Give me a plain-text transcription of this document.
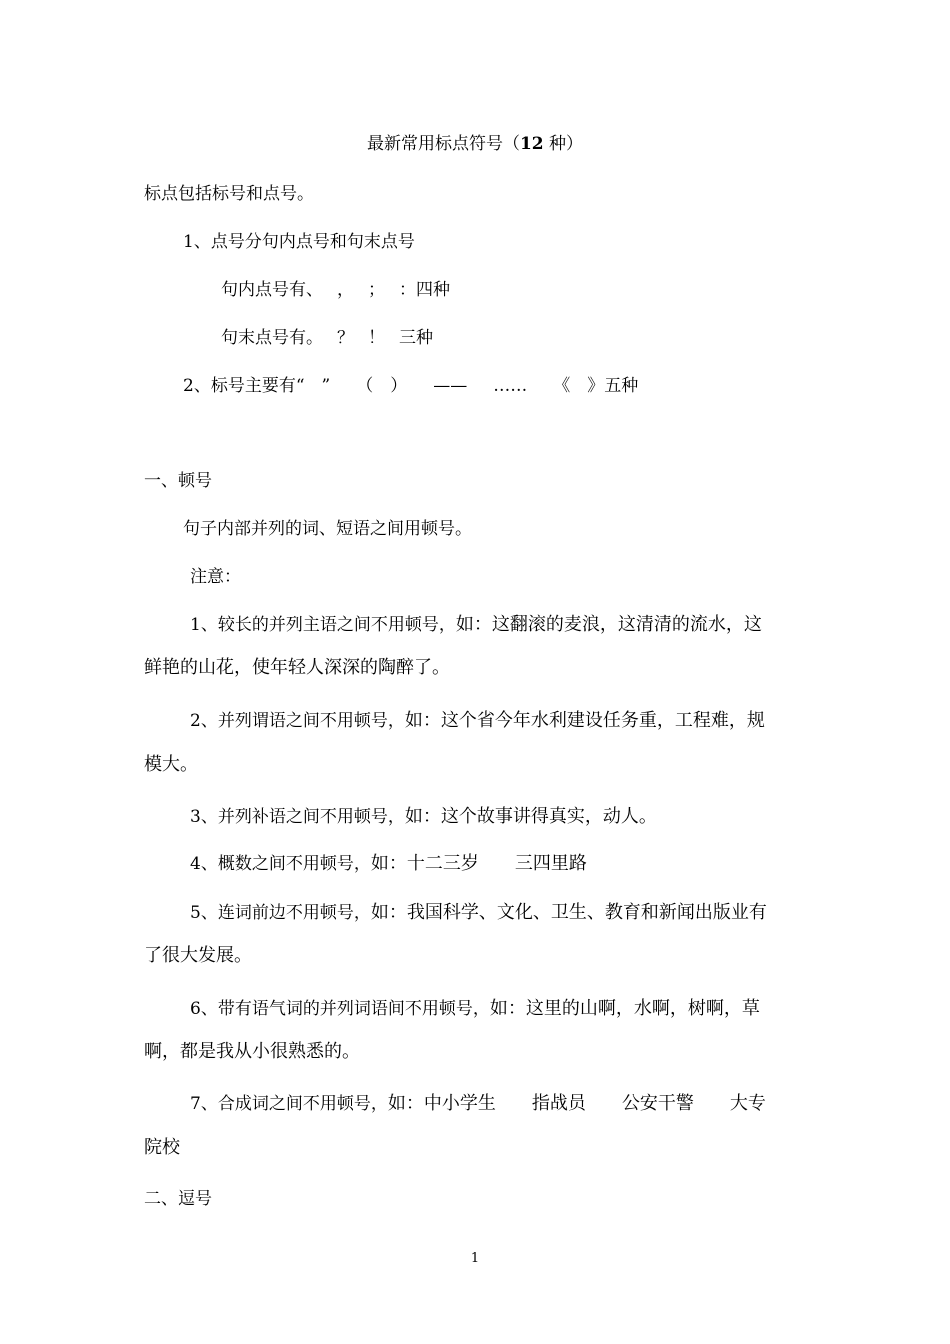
最新常用标点符号（12 种）
标点包括标号和点号。
1、点号分句内点号和句末点号
句内点号有、 ， ； ：四种
句末点号有。 ？ ！ 三种
2、标号主要有“　” （　） —— …… 《　》五种
一、顿号
句子内部并列的词、短语之间用顿号。
注意：
1、较长的并列主语之间不用顿号，如：这翻滚的麦浪，这清清的流水，这
鲜艳的山花，使年轻人深深的陶醉了。
2、并列谓语之间不用顿号，如：这个省今年水利建设任务重，工程难，规
模大。
3、并列补语之间不用顿号，如：这个故事讲得真实，动人。
4、概数之间不用顿号，如：十二三岁 三四里路
5、连词前边不用顿号，如：我国科学、文化、卫生、教育和新闻出版业有
了很大发展。
6、带有语气词的并列词语间不用顿号，如：这里的山啊，水啊，树啊，草
啊，都是我从小很熟悉的。
7、合成词之间不用顿号，如：中小学生 指战员 公安干警 大专
院校
二、逗号
1
